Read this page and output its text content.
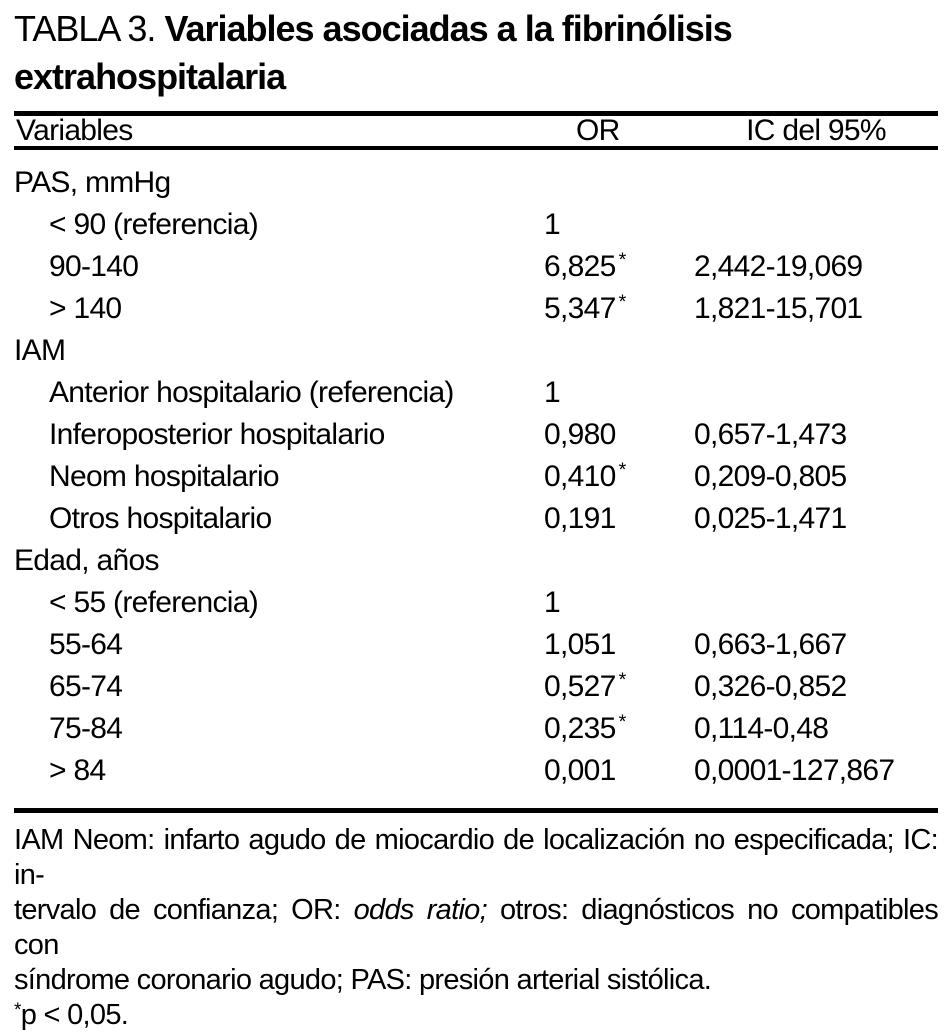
TABLA 3. Variables asociadas a la fibrinólisis extrahospitalaria
Variables	OR	IC del 95%
PAS, mmHg		
< 90 (referencia)	1	
90-140	6,825 *	2,442-19,069
> 140	5,347 *	1,821-15,701
IAM		
Anterior hospitalario (referencia)	1	
Inferoposterior hospitalario	0,980	0,657-1,473
Neom hospitalario	0,410 *	0,209-0,805
Otros hospitalario	0,191	0,025-1,471
Edad, años		
< 55 (referencia)	1	
55-64	1,051	0,663-1,667
65-74	0,527 *	0,326-0,852
75-84	0,235 *	0,114-0,48
> 84	0,001	0,0001-127,867
IAM Neom: infarto agudo de miocardio de localización no especificada; IC: in-
tervalo de confianza; OR: odds ratio; otros: diagnósticos no compatibles con
síndrome coronario agudo; PAS: presión arterial sistólica.
*p < 0,05.
